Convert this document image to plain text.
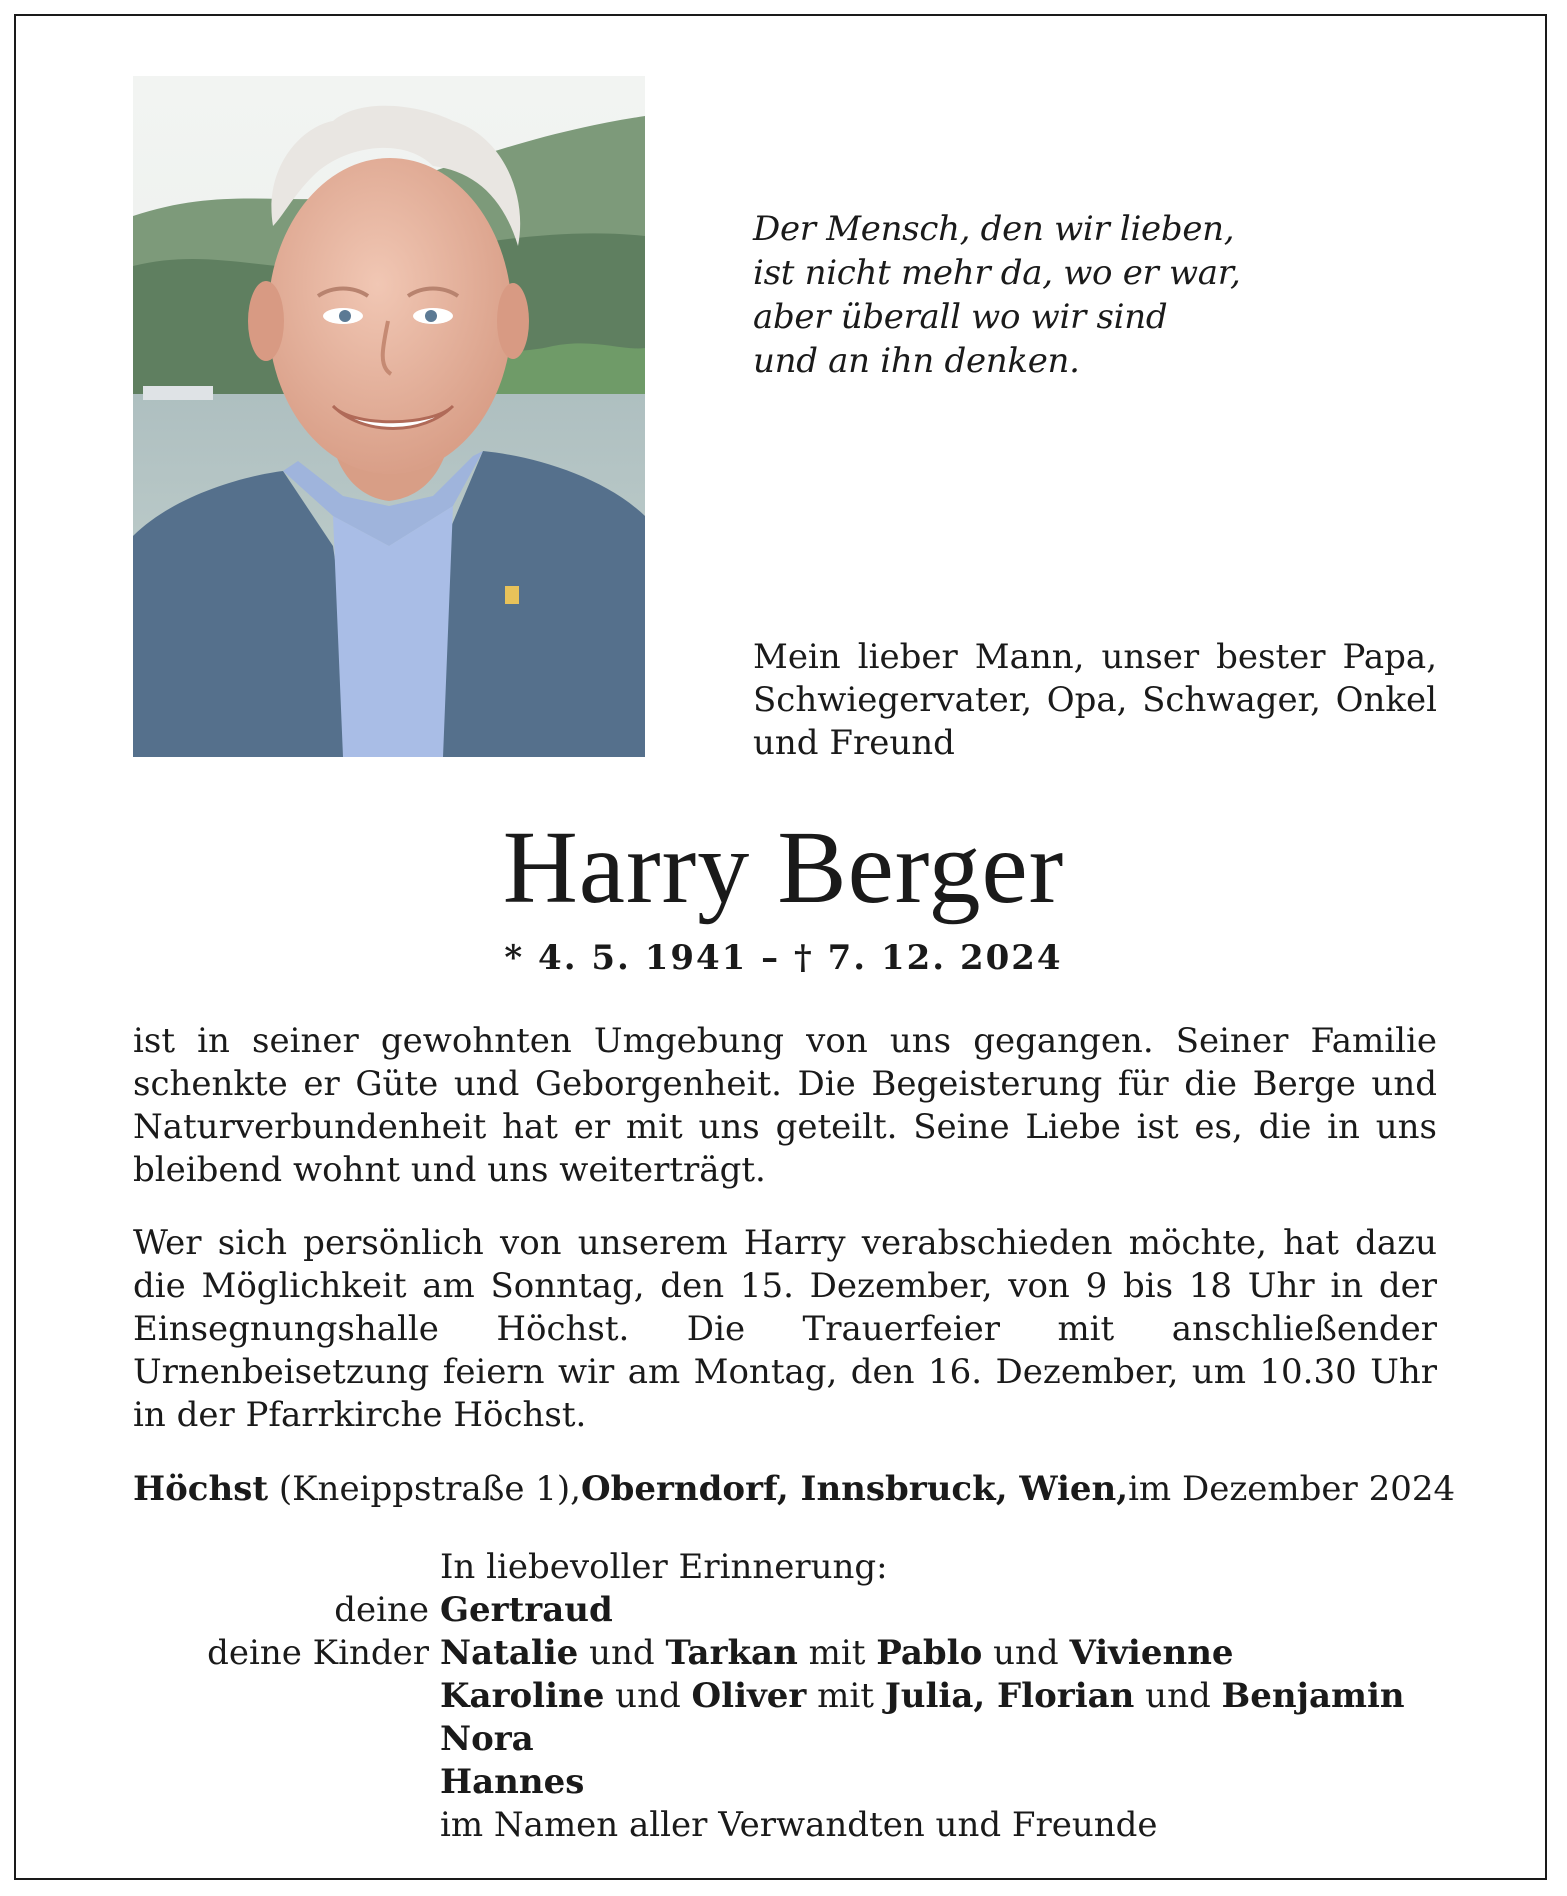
Der Mensch, den wir lieben,
ist nicht mehr da, wo er war,
aber überall wo wir sind
und an ihn denken.
Mein lieber Mann, unser bester Papa, Schwiegervater, Opa, Schwager, Onkel und Freund
Harry Berger
* 4. 5. 1941 – † 7. 12. 2024
ist in seiner gewohnten Umgebung von uns gegangen. Seiner Familie schenkte er Güte und Geborgenheit. Die Begeisterung für die Berge und Naturverbundenheit hat er mit uns geteilt. Seine Liebe ist es, die in uns bleibend wohnt und uns weiterträgt.
Wer sich persönlich von unserem Harry verabschieden möchte, hat dazu die Möglichkeit am Sonntag, den 15. Dezember, von 9 bis 18 Uhr in der Einsegnungshalle Höchst. Die Trauerfeier mit anschließender Urnenbeisetzung feiern wir am Montag, den 16. Dezember, um 10.30 Uhr in der Pfarrkirche Höchst.
Höchst (Kneippstraße 1), Oberndorf, Innsbruck, Wien, im Dezember 2024
In liebevoller Erinnerung:
deine Gertraud
deine Kinder Natalie und Tarkan mit Pablo und Vivienne
Karoline und Oliver mit Julia, Florian und Benjamin
Nora
Hannes
im Namen aller Verwandten und Freunde
